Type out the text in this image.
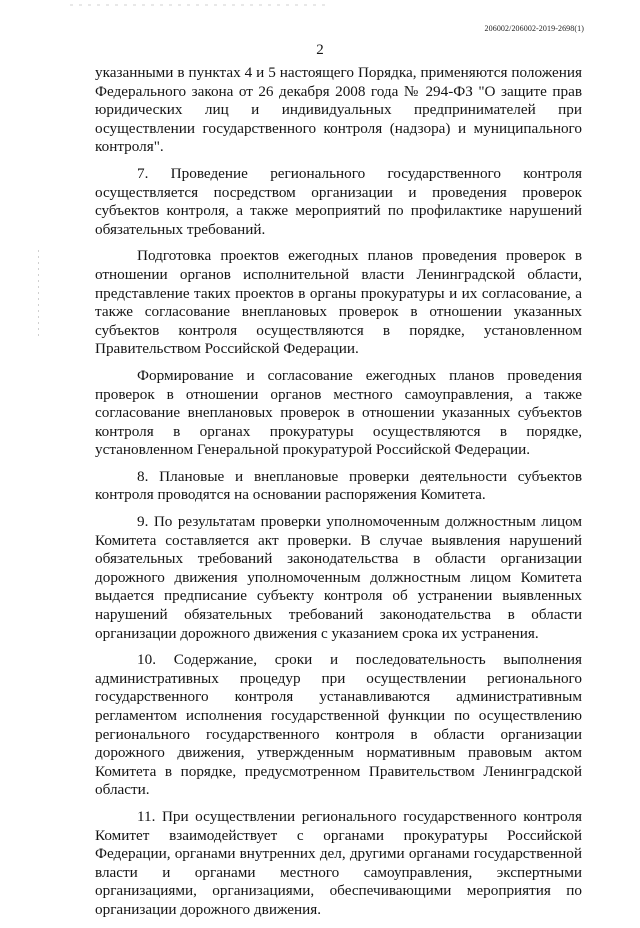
206002/206002-2019-2698(1)
2

указанными в пунктах 4 и 5 настоящего Порядка, применяются положения Федерального закона от 26 декабря 2008 года № 294-ФЗ "О защите прав юридических лиц и индивидуальных предпринимателей при осуществлении государственного контроля (надзора) и муниципального контроля".

7. Проведение регионального государственного контроля осуществляется посредством организации и проведения проверок субъектов контроля, а также мероприятий по профилактике нарушений обязательных требований.

Подготовка проектов ежегодных планов проведения проверок в отношении органов исполнительной власти Ленинградской области, представление таких проектов в органы прокуратуры и их согласование, а также согласование внеплановых проверок в отношении указанных субъектов контроля осуществляются в порядке, установленном Правительством Российской Федерации.

Формирование и согласование ежегодных планов проведения проверок в отношении органов местного самоуправления, а также согласование внеплановых проверок в отношении указанных субъектов контроля в органах прокуратуры осуществляются в порядке, установленном Генеральной прокуратурой Российской Федерации.

8. Плановые и внеплановые проверки деятельности субъектов контроля проводятся на основании распоряжения Комитета.

9. По результатам проверки уполномоченным должностным лицом Комитета составляется акт проверки. В случае выявления нарушений обязательных требований законодательства в области организации дорожного движения уполномоченным должностным лицом Комитета выдается предписание субъекту контроля об устранении выявленных нарушений обязательных требований законодательства в области организации дорожного движения с указанием срока их устранения.

10. Содержание, сроки и последовательность выполнения административных процедур при осуществлении регионального государственного контроля устанавливаются административным регламентом исполнения государственной функции по осуществлению регионального государственного контроля в области организации дорожного движения, утвержденным нормативным правовым актом Комитета в порядке, предусмотренном Правительством Ленинградской области.

11. При осуществлении регионального государственного контроля Комитет взаимодействует с органами прокуратуры Российской Федерации, органами внутренних дел, другими органами государственной власти и органами местного самоуправления, экспертными организациями, организациями, обеспечивающими мероприятия по организации дорожного движения.
